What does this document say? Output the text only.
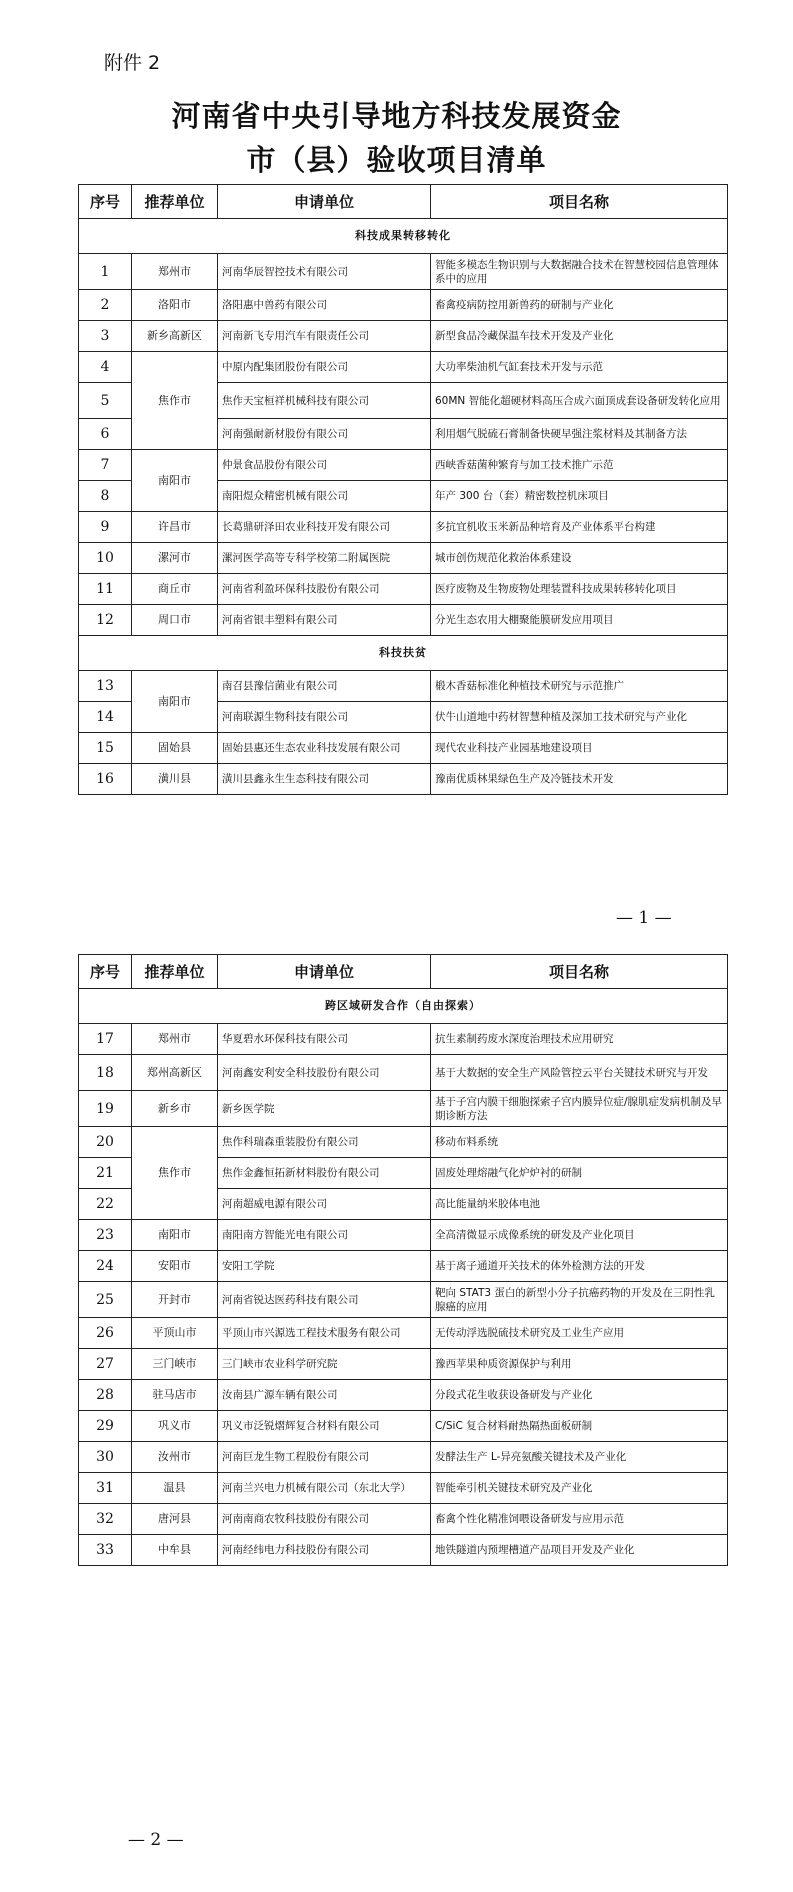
附件 2
河南省中央引导地方科技发展资金
市（县）验收项目清单
序号	推荐单位	申请单位	项目名称
科技成果转移转化			
1	郑州市	河南华辰智控技术有限公司	智能多模态生物识别与大数据融合技术在智慧校园信息管理体系中的应用
2	洛阳市	洛阳惠中兽药有限公司	畜禽疫病防控用新兽药的研制与产业化
3	新乡高新区	河南新飞专用汽车有限责任公司	新型食品冷藏保温车技术开发及产业化
4	焦作市	中原内配集团股份有限公司	大功率柴油机气缸套技术开发与示范
5		焦作天宝桓祥机械科技有限公司	60MN 智能化超硬材料高压合成六面顶成套设备研发转化应用
6		河南强耐新材股份有限公司	利用烟气脱硫石膏制备快硬早强注浆材料及其制备方法
7	南阳市	仲景食品股份有限公司	西峡香菇菌种繁育与加工技术推广示范
8		南阳煜众精密机械有限公司	年产 300 台（套）精密数控机床项目
9	许昌市	长葛鼎研泽田农业科技开发有限公司	多抗宜机收玉米新品种培育及产业体系平台构建
10	漯河市	漯河医学高等专科学校第二附属医院	城市创伤规范化救治体系建设
11	商丘市	河南省利盈环保科技股份有限公司	医疗废物及生物废物处理装置科技成果转移转化项目
12	周口市	河南省银丰塑料有限公司	分光生态农用大棚聚能膜研发应用项目
科技扶贫			
13	南阳市	南召县豫信菌业有限公司	椴木香菇标准化种植技术研究与示范推广
14		河南联源生物科技有限公司	伏牛山道地中药材智慧种植及深加工技术研究与产业化
15	固始县	固始县惠还生态农业科技发展有限公司	现代农业科技产业园基地建设项目
16	潢川县	潢川县鑫永生生态科技有限公司	豫南优质林果绿色生产及冷链技术开发
— 1 —
序号	推荐单位	申请单位	项目名称
跨区域研发合作（自由探索）			
17	郑州市	华夏碧水环保科技有限公司	抗生素制药废水深度治理技术应用研究
18	郑州高新区	河南鑫安利安全科技股份有限公司	基于大数据的安全生产风险管控云平台关键技术研究与开发
19	新乡市	新乡医学院	基于子宫内膜干细胞探索子宫内膜异位症/腺肌症发病机制及早期诊断方法
20	焦作市	焦作科瑞森重装股份有限公司	移动布料系统
21		焦作金鑫恒拓新材料股份有限公司	固废处理熔融气化炉炉衬的研制
22		河南超威电源有限公司	高比能量纳米胶体电池
23	南阳市	南阳南方智能光电有限公司	全高清微显示成像系统的研发及产业化项目
24	安阳市	安阳工学院	基于离子通道开关技术的体外检测方法的开发
25	开封市	河南省锐达医药科技有限公司	靶向 STAT3 蛋白的新型小分子抗癌药物的开发及在三阴性乳腺癌的应用
26	平顶山市	平顶山市兴源选工程技术服务有限公司	无传动浮选脱硫技术研究及工业生产应用
27	三门峡市	三门峡市农业科学研究院	豫西苹果种质资源保护与利用
28	驻马店市	汝南县广源车辆有限公司	分段式花生收获设备研发与产业化
29	巩义市	巩义市泛锐熠辉复合材料有限公司	C/SiC 复合材料耐热隔热面板研制
30	汝州市	河南巨龙生物工程股份有限公司	发酵法生产 L-异亮氨酸关键技术及产业化
31	温县	河南兰兴电力机械有限公司（东北大学）	智能牵引机关键技术研究及产业化
32	唐河县	河南南商农牧科技股份有限公司	畜禽个性化精准饲喂设备研发与应用示范
33	中牟县	河南经纬电力科技股份有限公司	地铁隧道内预埋槽道产品项目开发及产业化
— 2 —
